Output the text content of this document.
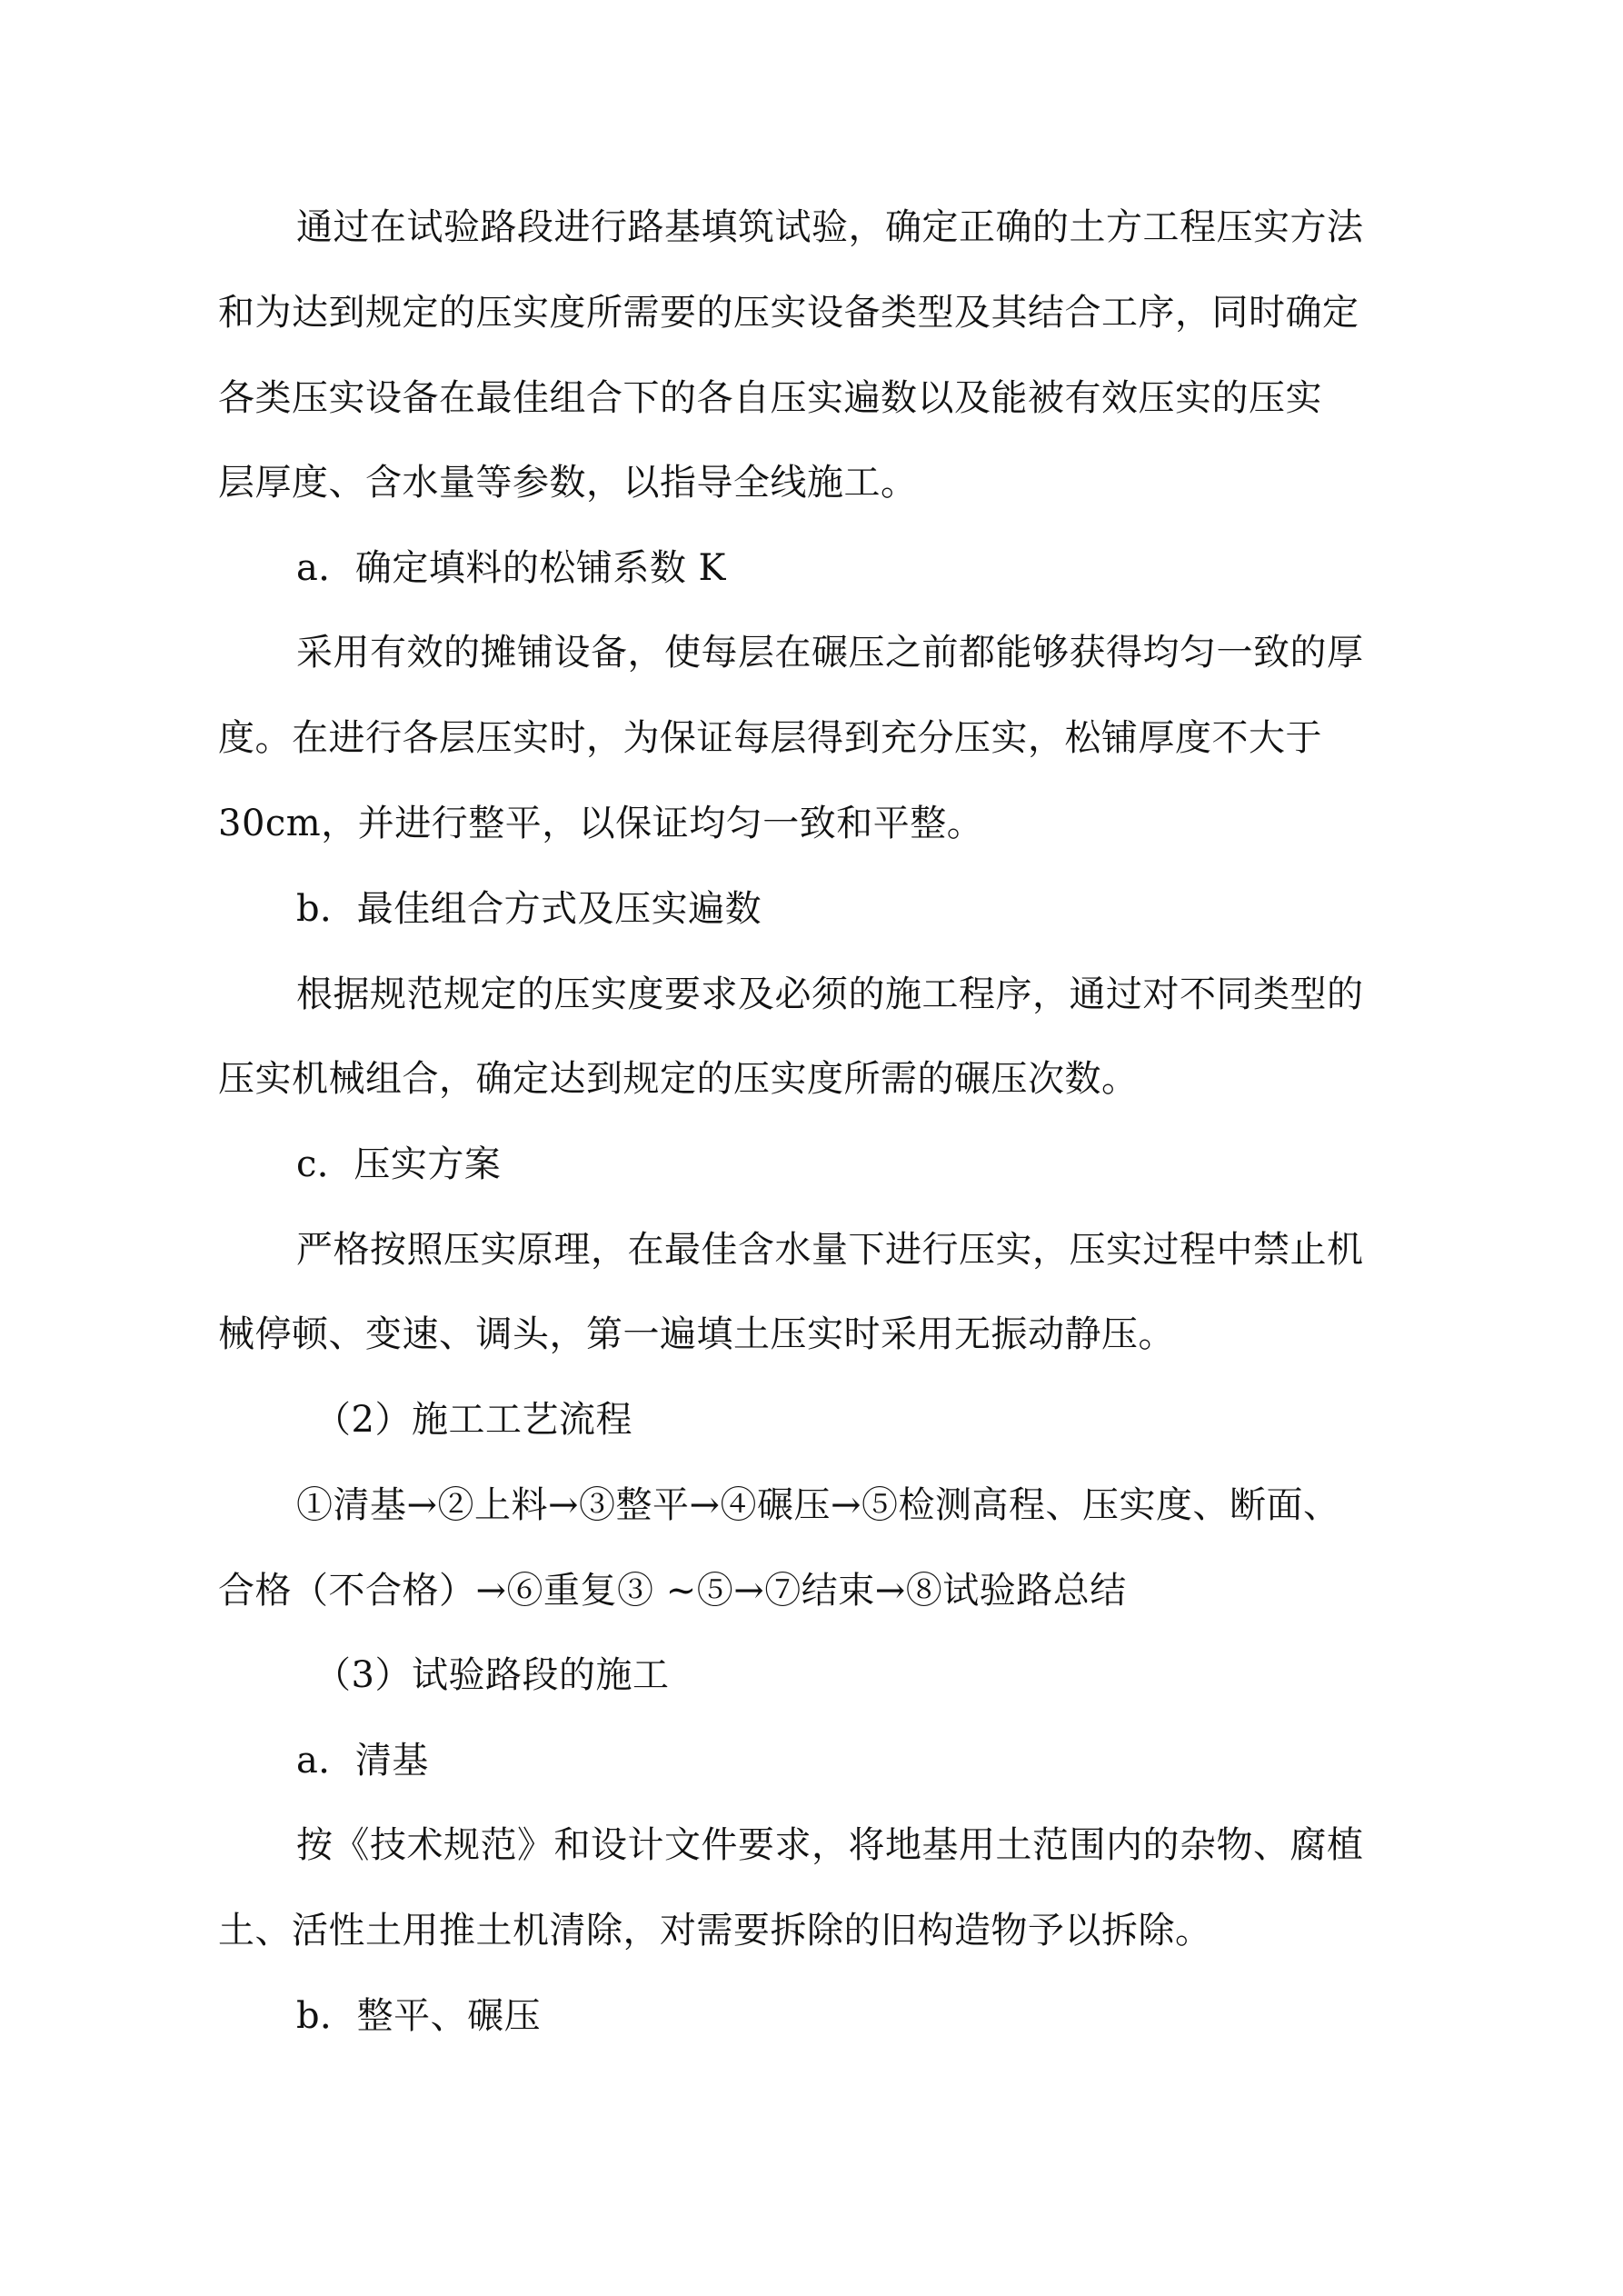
通过在试验路段进行路基填筑试验，确定正确的土方工程压实方法
和为达到规定的压实度所需要的压实设备类型及其结合工序，同时确定
各类压实设备在最佳组合下的各自压实遍数以及能被有效压实的压实
层厚度、含水量等参数，以指导全线施工。
a．确定填料的松铺系数 K
采用有效的摊铺设备，使每层在碾压之前都能够获得均匀一致的厚
度。在进行各层压实时，为保证每层得到充分压实，松铺厚度不大于
30cm，并进行整平，以保证均匀一致和平整。
b．最佳组合方式及压实遍数
根据规范规定的压实度要求及必须的施工程序，通过对不同类型的
压实机械组合，确定达到规定的压实度所需的碾压次数。
c．压实方案
严格按照压实原理，在最佳含水量下进行压实，压实过程中禁止机
械停顿、变速、调头，第一遍填土压实时采用无振动静压。
（2）施工工艺流程
①清基→②上料→③整平→④碾压→⑤检测高程、压实度、断面、
合格（不合格）→⑥重复③ ~⑤→⑦结束→⑧试验路总结
（3）试验路段的施工
a．清基
按《技术规范》和设计文件要求，将地基用土范围内的杂物、腐植
土、活性土用推土机清除，对需要拆除的旧构造物予以拆除。
b．整平、碾压
